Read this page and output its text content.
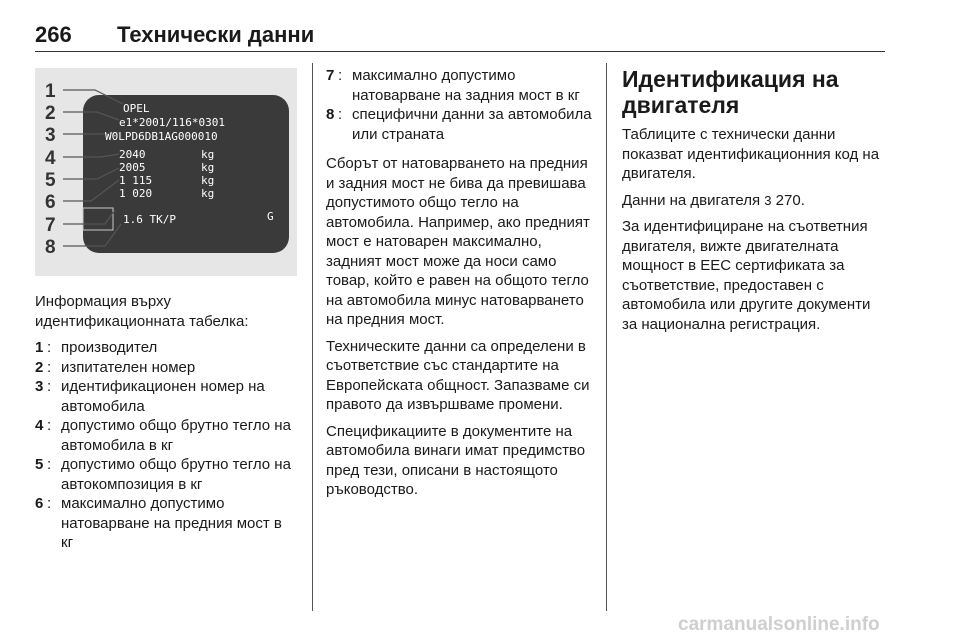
266 Технически данни
1
2
3
4
5
6
7
8
OPEL
e1*2001/116*0301
W0LPD6DB1AG000010
2040
2005
1 115
1 020
kg
kg
kg
kg
1.6 TK/P	G

Информация върху идентификационната табелка:

1 : производител
2 : изпитателен номер
3 : идентификационен номер на автомобила
4 : допустимо общо брутно тегло на автомобила в кг
5 : допустимо общо брутно тегло на автокомпозиция в кг
6 : максимално допустимо натоварване на предния мост в кг
7 : максимално допустимо натоварване на задния мост в кг
8 : специфични данни за автомобила или страната

Сборът от натоварването на предния и задния мост не бива да превишава допустимото общо тегло на автомобила. Например, ако предният мост е натоварен максимално, задният мост може да носи само товар, който е равен на общото тегло на автомобила минус натоварването на предния мост.

Техническите данни са определени в съответствие със стандартите на Европейската общност. Запазваме си правото да извършваме промени.

Спецификациите в документите на автомобила винаги имат предимство пред тези, описани в настоящото ръководство.

Идентификация на двигателя

Таблиците с технически данни показват идентификационния код на двигателя.

Данни на двигателя 3 270.

За идентифициране на съответния двигателя, вижте двигателната мощност в ЕЕС сертификата за съответствие, предоставен с автомобила или другите документи за национална регистрация.

carmanualsonline.info
